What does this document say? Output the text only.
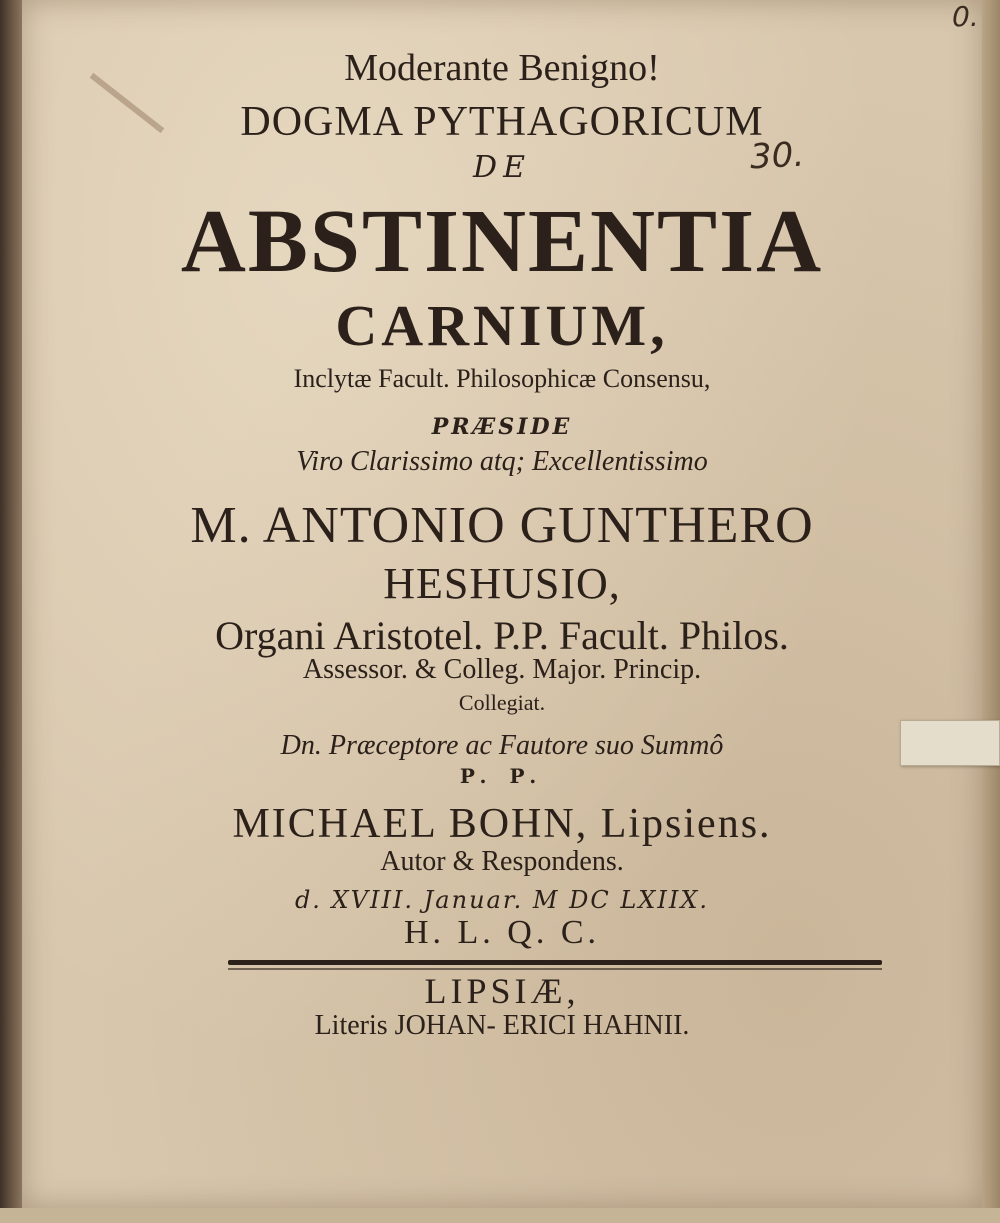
Moderante Benigno!
DOGMA PYTHAGORICUM
DE
ABSTINENTIA
CARNIUM,
Inclytæ Facult. Philosophicæ Consensu,
PRÆSIDE
Viro Clarissimo atq; Excellentissimo
M. ANTONIO GUNTHERO
HESHUSIO,
Organi Aristotel. P.P. Facult. Philos.
Assessor. & Colleg. Major. Princip.
Collegiat.
Dn. Præceptore ac Fautore suo Summô
P. P.
MICHAEL BOHN, Lipsiens.
Autor & Respondens.
d. XVIII. Januar. M DC LXIIX.
H. L. Q. C.
LIPSIÆ,
Literis JOHAN- ERICI HAHNII.
30.
0.
